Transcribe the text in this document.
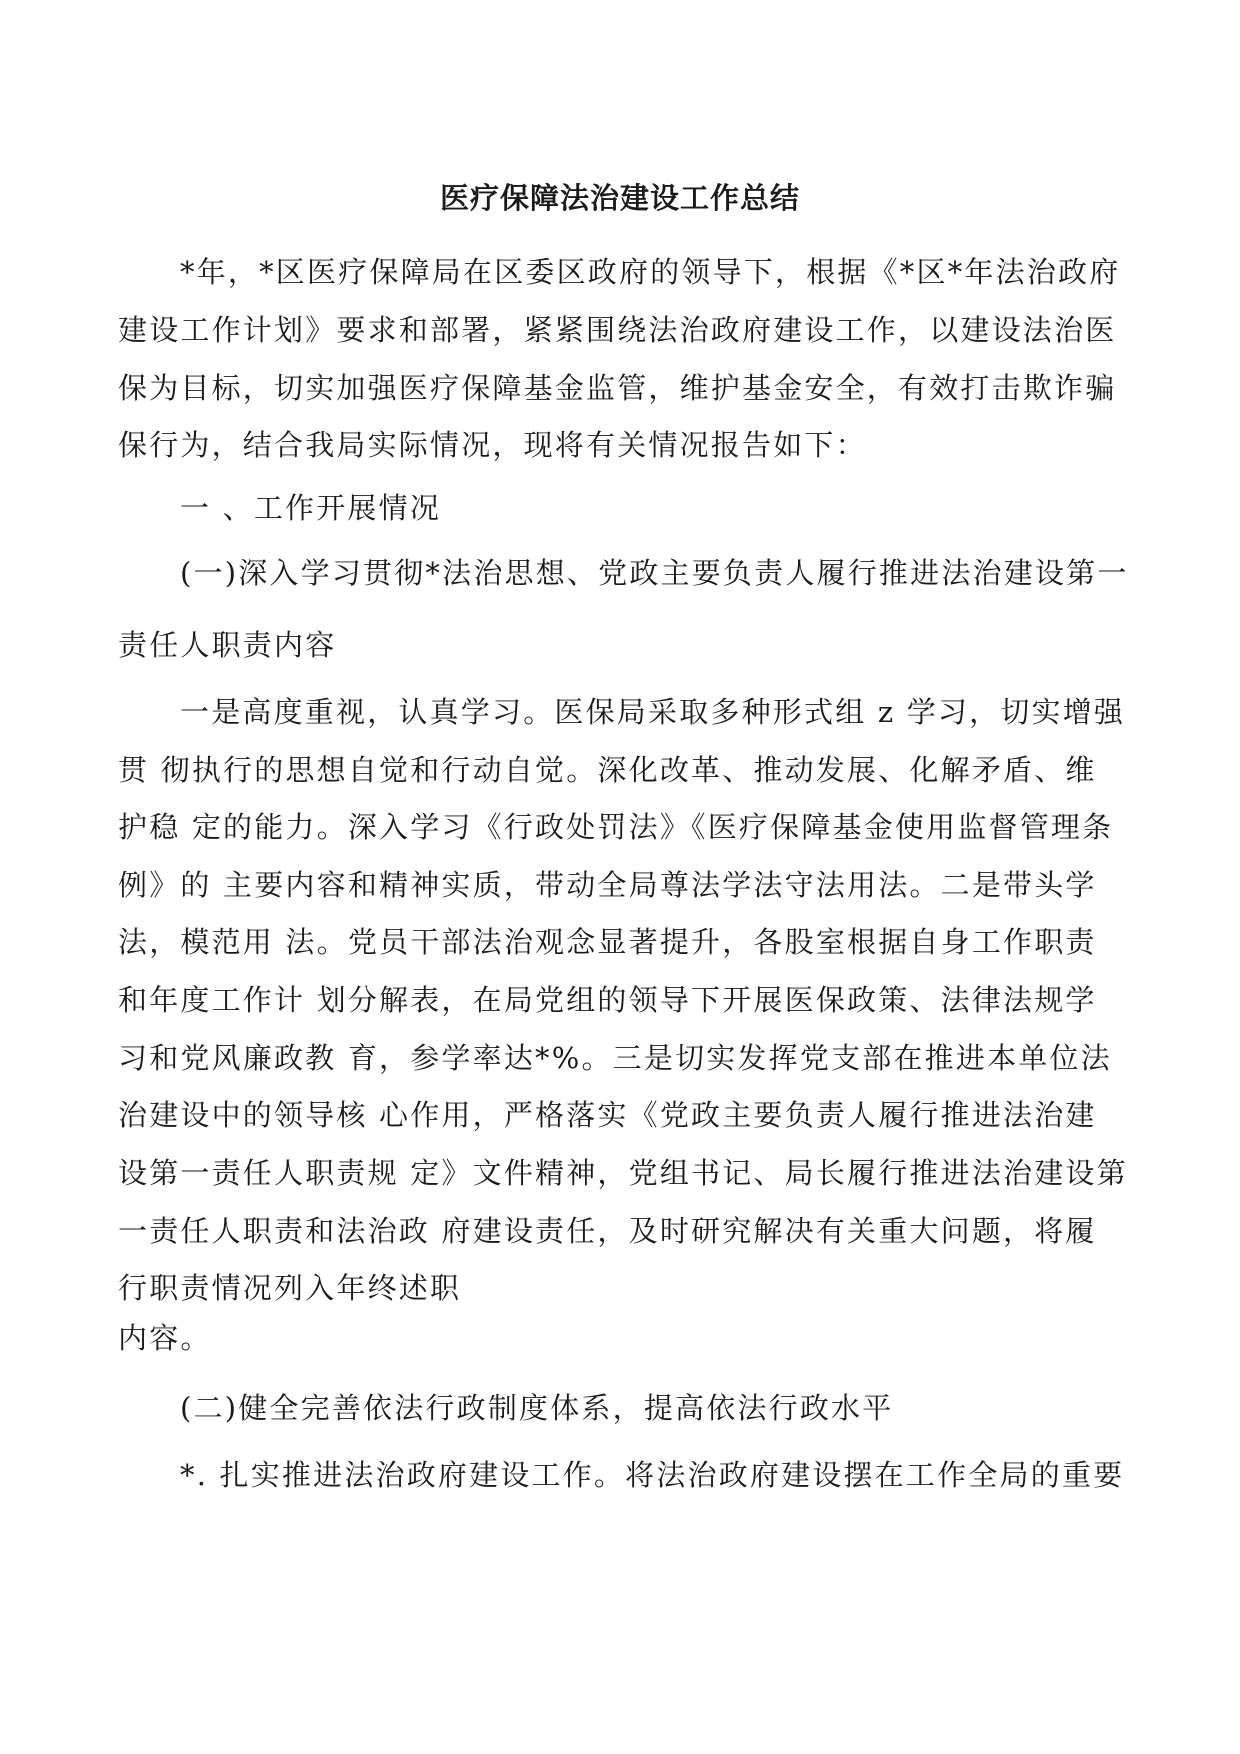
医疗保障法治建设工作总结
*年，*区医疗保障局在区委区政府的领导下，根据《*区*年法治政府
建设工作计划》要求和部署，紧紧围绕法治政府建设工作，以建设法治医
保为目标，切实加强医疗保障基金监管，维护基金安全，有效打击欺诈骗
保行为，结合我局实际情况，现将有关情况报告如下：
一 、工作开展情况
(一)深入学习贯彻*法治思想、党政主要负责人履行推进法治建设第一
责任人职责内容
一是高度重视，认真学习。医保局采取多种形式组 z 学习，切实增强
贯 彻执行的思想自觉和行动自觉。深化改革、推动发展、化解矛盾、维
护稳 定的能力。深入学习《行政处罚法》《医疗保障基金使用监督管理条
例》的 主要内容和精神实质，带动全局尊法学法守法用法。二是带头学
法，模范用 法。党员干部法治观念显著提升，各股室根据自身工作职责
和年度工作计 划分解表，在局党组的领导下开展医保政策、法律法规学
习和党风廉政教 育，参学率达*%。三是切实发挥党支部在推进本单位法
治建设中的领导核 心作用，严格落实《党政主要负责人履行推进法治建
设第一责任人职责规 定》文件精神，党组书记、局长履行推进法治建设第
一责任人职责和法治政 府建设责任，及时研究解决有关重大问题，将履
行职责情况列入年终述职
内容。
(二)健全完善依法行政制度体系，提高依法行政水平
*. 扎实推进法治政府建设工作。将法治政府建设摆在工作全局的重要
